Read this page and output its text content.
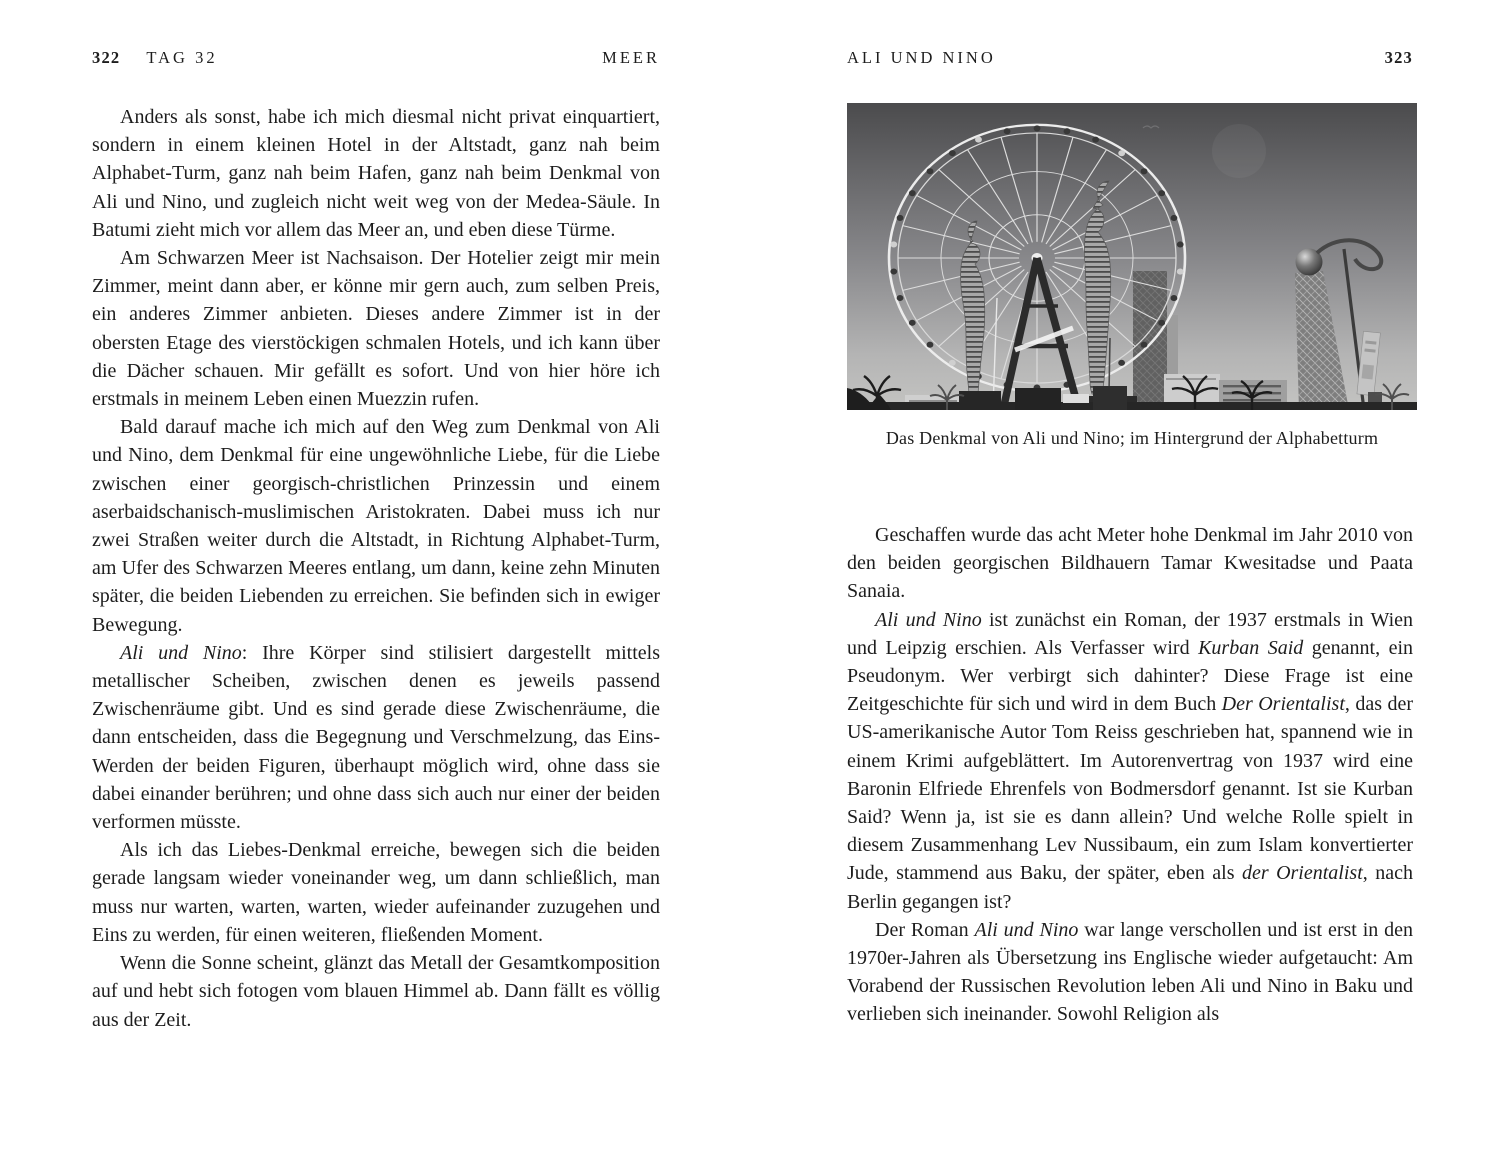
322 TAG 32	MEER

Anders als sonst, habe ich mich diesmal nicht privat einquartiert, sondern in einem kleinen Hotel in der Altstadt, ganz nah beim Alphabet-Turm, ganz nah beim Hafen, ganz nah beim Denkmal von Ali und Nino, und zugleich nicht weit weg von der Medea-Säule. In Batumi zieht mich vor allem das Meer an, und eben diese Türme.

Am Schwarzen Meer ist Nachsaison. Der Hotelier zeigt mir mein Zimmer, meint dann aber, er könne mir gern auch, zum selben Preis, ein anderes Zimmer anbieten. Dieses andere Zimmer ist in der obersten Etage des vierstöckigen schmalen Hotels, und ich kann über die Dächer schauen. Mir gefällt es sofort. Und von hier höre ich erstmals in meinem Leben einen Muezzin rufen.

Bald darauf mache ich mich auf den Weg zum Denkmal von Ali und Nino, dem Denkmal für eine ungewöhnliche Liebe, für die Liebe zwischen einer georgisch-christlichen Prinzessin und einem aserbaidschanisch-muslimischen Aristokraten. Dabei muss ich nur zwei Straßen weiter durch die Altstadt, in Richtung Alphabet-Turm, am Ufer des Schwarzen Meeres entlang, um dann, keine zehn Minuten später, die beiden Liebenden zu erreichen. Sie befinden sich in ewiger Bewegung.

Ali und Nino: Ihre Körper sind stilisiert dargestellt mittels metallischer Scheiben, zwischen denen es jeweils passend Zwischenräume gibt. Und es sind gerade diese Zwischenräume, die dann entscheiden, dass die Begegnung und Verschmelzung, das Eins-Werden der beiden Figuren, überhaupt möglich wird, ohne dass sie dabei einander berühren; und ohne dass sich auch nur einer der beiden verformen müsste.

Als ich das Liebes-Denkmal erreiche, bewegen sich die beiden gerade langsam wieder voneinander weg, um dann schließlich, man muss nur warten, warten, warten, wieder aufeinander zuzugehen und Eins zu werden, für einen weiteren, fließenden Moment.

Wenn die Sonne scheint, glänzt das Metall der Gesamtkomposition auf und hebt sich fotogen vom blauen Himmel ab. Dann fällt es völlig aus der Zeit.

ALI UND NINO	323
Das Denkmal von Ali und Nino; im Hintergrund der Alphabetturm

Geschaffen wurde das acht Meter hohe Denkmal im Jahr 2010 von den beiden georgischen Bildhauern Tamar Kwesitadse und Paata Sanaia.

Ali und Nino ist zunächst ein Roman, der 1937 erstmals in Wien und Leipzig erschien. Als Verfasser wird Kurban Said genannt, ein Pseudonym. Wer verbirgt sich dahinter? Diese Frage ist eine Zeitgeschichte für sich und wird in dem Buch Der Orientalist, das der US-amerikanische Autor Tom Reiss geschrieben hat, spannend wie in einem Krimi aufgeblättert. Im Autorenvertrag von 1937 wird eine Baronin Elfriede Ehrenfels von Bodmersdorf genannt. Ist sie Kurban Said? Wenn ja, ist sie es dann allein? Und welche Rolle spielt in diesem Zusammenhang Lev Nussibaum, ein zum Islam konvertierter Jude, stammend aus Baku, der später, eben als der Orientalist, nach Berlin gegangen ist?

Der Roman Ali und Nino war lange verschollen und ist erst in den 1970er-Jahren als Übersetzung ins Englische wieder aufgetaucht: Am Vorabend der Russischen Revolution leben Ali und Nino in Baku und verlieben sich ineinander. Sowohl Religion als
